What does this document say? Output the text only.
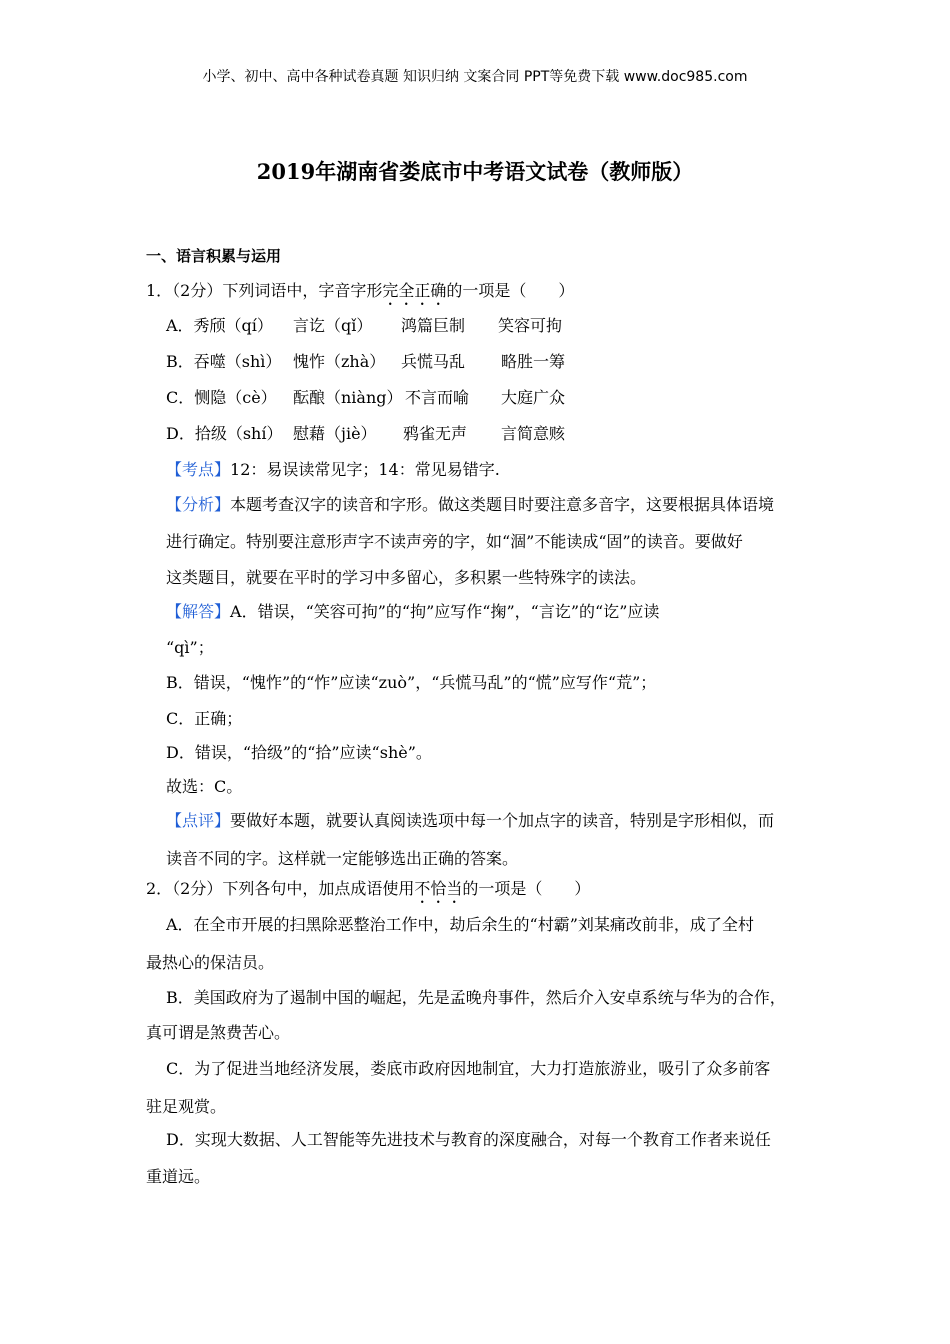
小学、初中、高中各种试卷真题 知识归纳 文案合同 PPT等免费下载 www.doc985.com
2019年湖南省娄底市中考语文试卷（教师版）
一、语言积累与运用
1．（2分）下列词语中，字音字形完全正确的一项是（　　）
A．秀颀（qí） 言讫（qǐ） 鸿篇巨制 笑容可拘
B．吞噬（shì） 愧怍（zhà） 兵慌马乱 略胜一筹
C．恻隐（cè） 酝酿（niàng） 不言而喻 大庭广众
D．拾级（shí） 慰藉（jiè） 鸦雀无声 言简意赅
【考点】12：易误读常见字；14：常见易错字.
【分析】本题考查汉字的读音和字形。做这类题目时要注意多音字，这要根据具体语境
进行确定。特别要注意形声字不读声旁的字，如“涸”不能读成“固”的读音。要做好
这类题目，就要在平时的学习中多留心，多积累一些特殊字的读法。
【解答】A．错误，“笑容可拘”的“拘”应写作“掬”，“言讫”的“讫”应读
“qì”；
B．错误，“愧怍”的“怍”应读“zuò”，“兵慌马乱”的“慌”应写作“荒”；
C．正确；
D．错误，“拾级”的“拾”应读“shè”。
故选：C。
【点评】要做好本题，就要认真阅读选项中每一个加点字的读音，特别是字形相似，而
读音不同的字。这样就一定能够选出正确的答案。
2．（2分）下列各句中，加点成语使用不恰当的一项是（　　）
A．在全市开展的扫黑除恶整治工作中，劫后余生的“村霸”刘某痛改前非，成了全村
最热心的保洁员。
B．美国政府为了遏制中国的崛起，先是孟晚舟事件，然后介入安卓系统与华为的合作，
真可谓是煞费苦心。
C．为了促进当地经济发展，娄底市政府因地制宜，大力打造旅游业，吸引了众多前客
驻足观赏。
D．实现大数据、人工智能等先进技术与教育的深度融合，对每一个教育工作者来说任
重道远。
